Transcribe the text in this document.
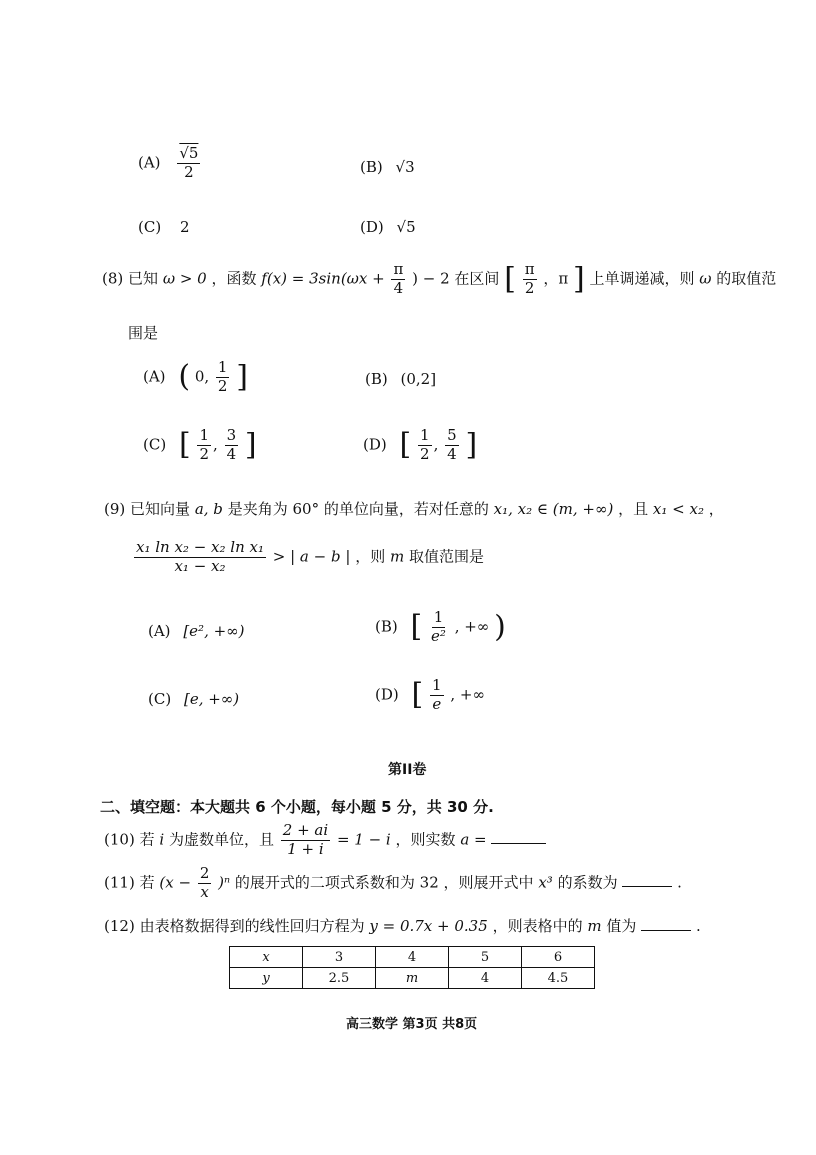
$(A) \frac{√5}{2}$	(B) √3
(C) 2	(D) √5
(8) 已知 ω > 0 ，函数 $f(x) = 3\sin(\omega x + \frac{\pi}{4}$ ) − 2 在区间 [ $\frac{\pi}{2}$ ，π ] 上单调递减，则 ω 的取值范
围是
(A) ( 0, $\frac{1}{2}$ ]	(B) (0,2]
(C) [ $\frac{1}{2}$ , $\frac{3}{4}$ ]	(D) [ $\frac{1}{2}$ , $\frac{5}{4}$ ]
(9) 已知向量 a, b 是夹角为 60° 的单位向量，若对任意的 x₁, x₂ ∈ (m, +∞) ，且 x₁ < x₂ ，
$\frac{\text{x₁ ln x₂ − x₂ ln x₁}}{\text{x₁ − x₂}}$ > | a − b | ，则 m 取值范围是
(A) [e², +∞)	(B) [ $\frac{1}{\text{e²}}$ , +∞ )
(C) [e, +∞)	(D) [ $\frac{1}{e}$ , +∞
第II卷
二、填空题：本大题共 6 个小题，每小题 5 分，共 30 分.
(10) 若 i 为虚数单位，且 $\frac{2 + ai}{1 + i} = 1 - i$ ，则实数 a =
(11) 若 $(x - \frac{2}{x} )^n$ 的展开式的二项式系数和为 32 ，则展开式中 x³ 的系数为	.
(12) 由表格数据得到的线性回归方程为 y = 0.7x + 0.35 ，则表格中的 m 值为	.
x	3	4	5	6
y	2.5	m	4	4.5
高三数学 第3页 共8页
